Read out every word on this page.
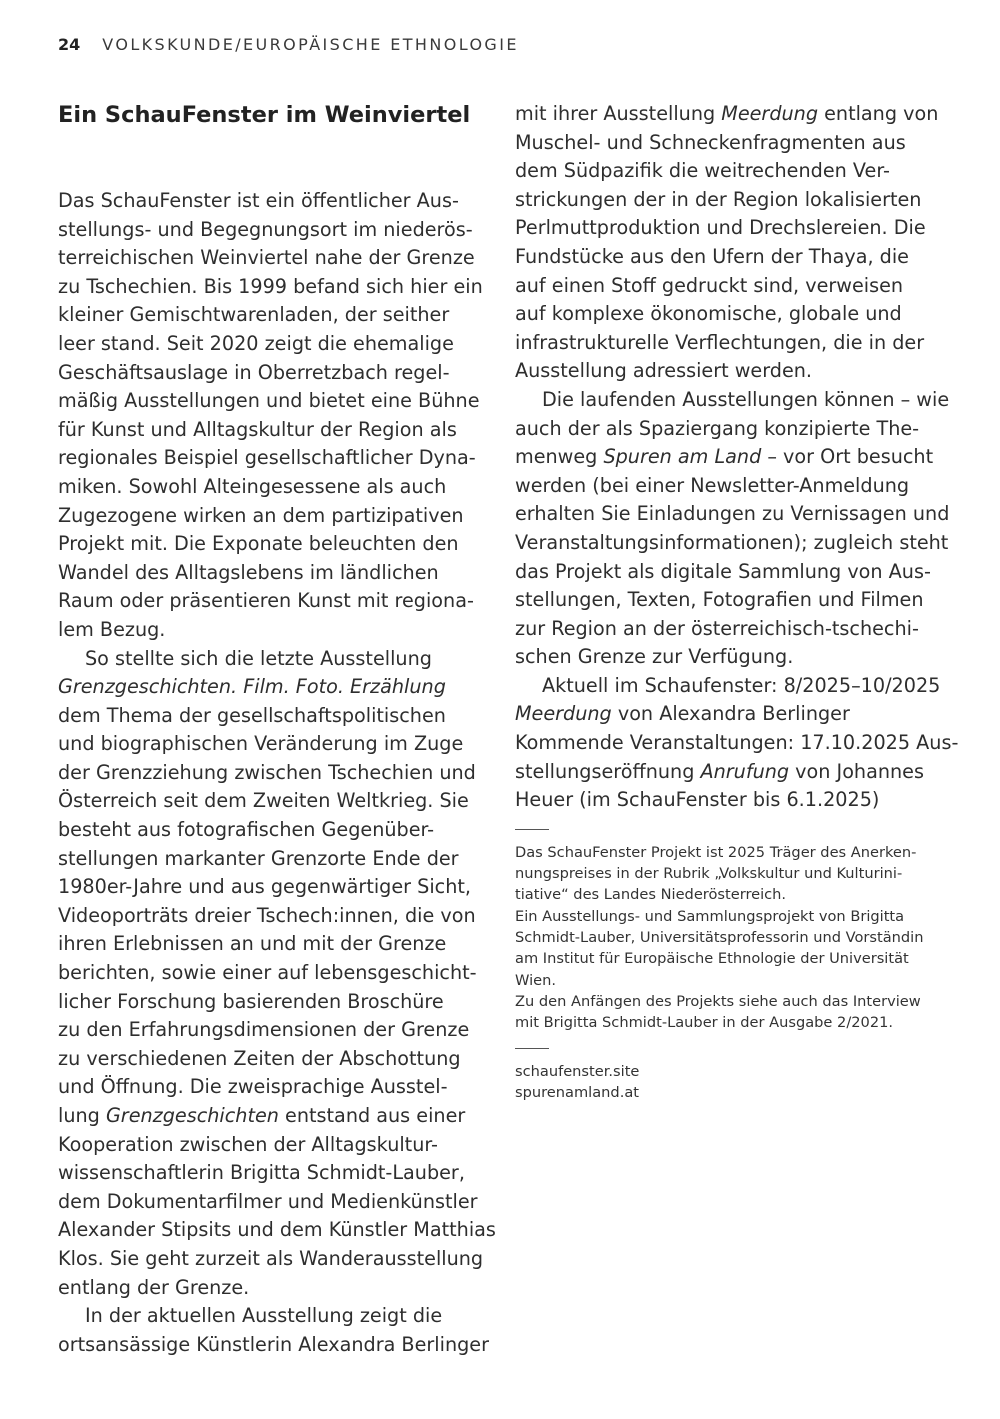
24 VOLKSKUNDE/EUROPÄISCHE ETHNOLOGIE
Ein SchauFenster im Weinviertel
Das SchauFenster ist ein öffentlicher Aus-
stellungs- und Begegnungsort im niederös-
terreichischen Weinviertel nahe der Grenze
zu Tschechien. Bis 1999 befand sich hier ein
kleiner Gemischtwarenladen, der seither
leer stand. Seit 2020 zeigt die ehemalige
Geschäftsauslage in Oberretzbach regel-
mäßig Ausstellungen und bietet eine Bühne
für Kunst und Alltagskultur der Region als
regionales Beispiel gesellschaftlicher Dyna-
miken. Sowohl Alteingesessene als auch
Zugezogene wirken an dem partizipativen
Projekt mit. Die Exponate beleuchten den
Wandel des Alltagslebens im ländlichen
Raum oder präsentieren Kunst mit regiona-
lem Bezug.
So stellte sich die letzte Ausstellung
Grenzgeschichten. Film. Foto. Erzählung
dem Thema der gesellschaftspolitischen
und biographischen Veränderung im Zuge
der Grenzziehung zwischen Tschechien und
Österreich seit dem Zweiten Weltkrieg. Sie
besteht aus fotografischen Gegenüber-
stellungen markanter Grenzorte Ende der
1980er-Jahre und aus gegenwärtiger Sicht,
Videoporträts dreier Tschech:innen, die von
ihren Erlebnissen an und mit der Grenze
berichten, sowie einer auf lebensgeschicht-
licher Forschung basierenden Broschüre
zu den Erfahrungsdimensionen der Grenze
zu verschiedenen Zeiten der Abschottung
und Öffnung. Die zweisprachige Ausstel-
lung Grenzgeschichten entstand aus einer
Kooperation zwischen der Alltagskultur-
wissenschaftlerin Brigitta Schmidt-Lauber,
dem Dokumentarfilmer und Medienkünstler
Alexander Stipsits und dem Künstler Matthias
Klos. Sie geht zurzeit als Wanderausstellung
entlang der Grenze.
In der aktuellen Ausstellung zeigt die
ortsansässige Künstlerin Alexandra Berlinger
mit ihrer Ausstellung Meerdung entlang von
Muschel- und Schneckenfragmenten aus
dem Südpazifik die weitrechenden Ver-
strickungen der in der Region lokalisierten
Perlmuttproduktion und Drechslereien. Die
Fundstücke aus den Ufern der Thaya, die
auf einen Stoff gedruckt sind, verweisen
auf komplexe ökonomische, globale und
infrastrukturelle Verflechtungen, die in der
Ausstellung adressiert werden.
Die laufenden Ausstellungen können – wie
auch der als Spaziergang konzipierte The-
menweg Spuren am Land – vor Ort besucht
werden (bei einer Newsletter-Anmeldung
erhalten Sie Einladungen zu Vernissagen und
Veranstaltungsinformationen); zugleich steht
das Projekt als digitale Sammlung von Aus-
stellungen, Texten, Fotografien und Filmen
zur Region an der österreichisch-tschechi-
schen Grenze zur Verfügung.
Aktuell im Schaufenster: 8/2025–10/2025
Meerdung von Alexandra Berlinger
Kommende Veranstaltungen: 17.10.2025 Aus-
stellungseröffnung Anrufung von Johannes
Heuer (im SchauFenster bis 6.1.2025)
Das SchauFenster Projekt ist 2025 Träger des Anerken-
nungspreises in der Rubrik „Volkskultur und Kulturini-
tiative“ des Landes Niederösterreich.
Ein Ausstellungs- und Sammlungsprojekt von Brigitta
Schmidt-Lauber, Universitätsprofessorin und Vorständin
am Institut für Europäische Ethnologie der Universität
Wien.
Zu den Anfängen des Projekts siehe auch das Interview
mit Brigitta Schmidt-Lauber in der Ausgabe 2/2021.
schaufenster.site
spurenamland.at
